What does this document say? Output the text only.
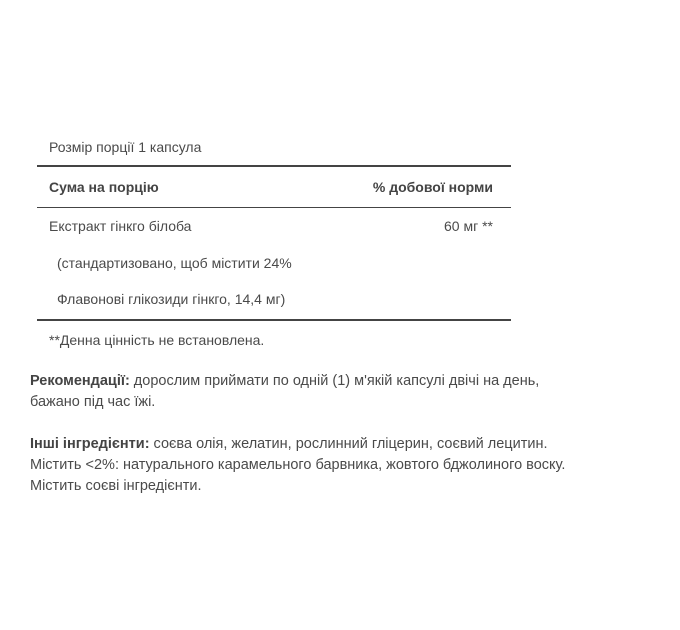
Розмір порції 1 капсула
Сума на порцію	% добової норми
Екстракт гінкго білоба	60 мг **
(стандартизовано, щоб містити 24%
Флавонові глікозиди гінкго, 14,4 мг)
**Денна цінність не встановлена.
Рекомендації: дорослим приймати по одній (1) м'якій капсулі двічі на день,
бажано під час їжі.
Інші інгредієнти: соєва олія, желатин, рослинний гліцерин, соєвий лецитин.
Містить <2%: натурального карамельного барвника, жовтого бджолиного воску.
Містить соєві інгредієнти.
